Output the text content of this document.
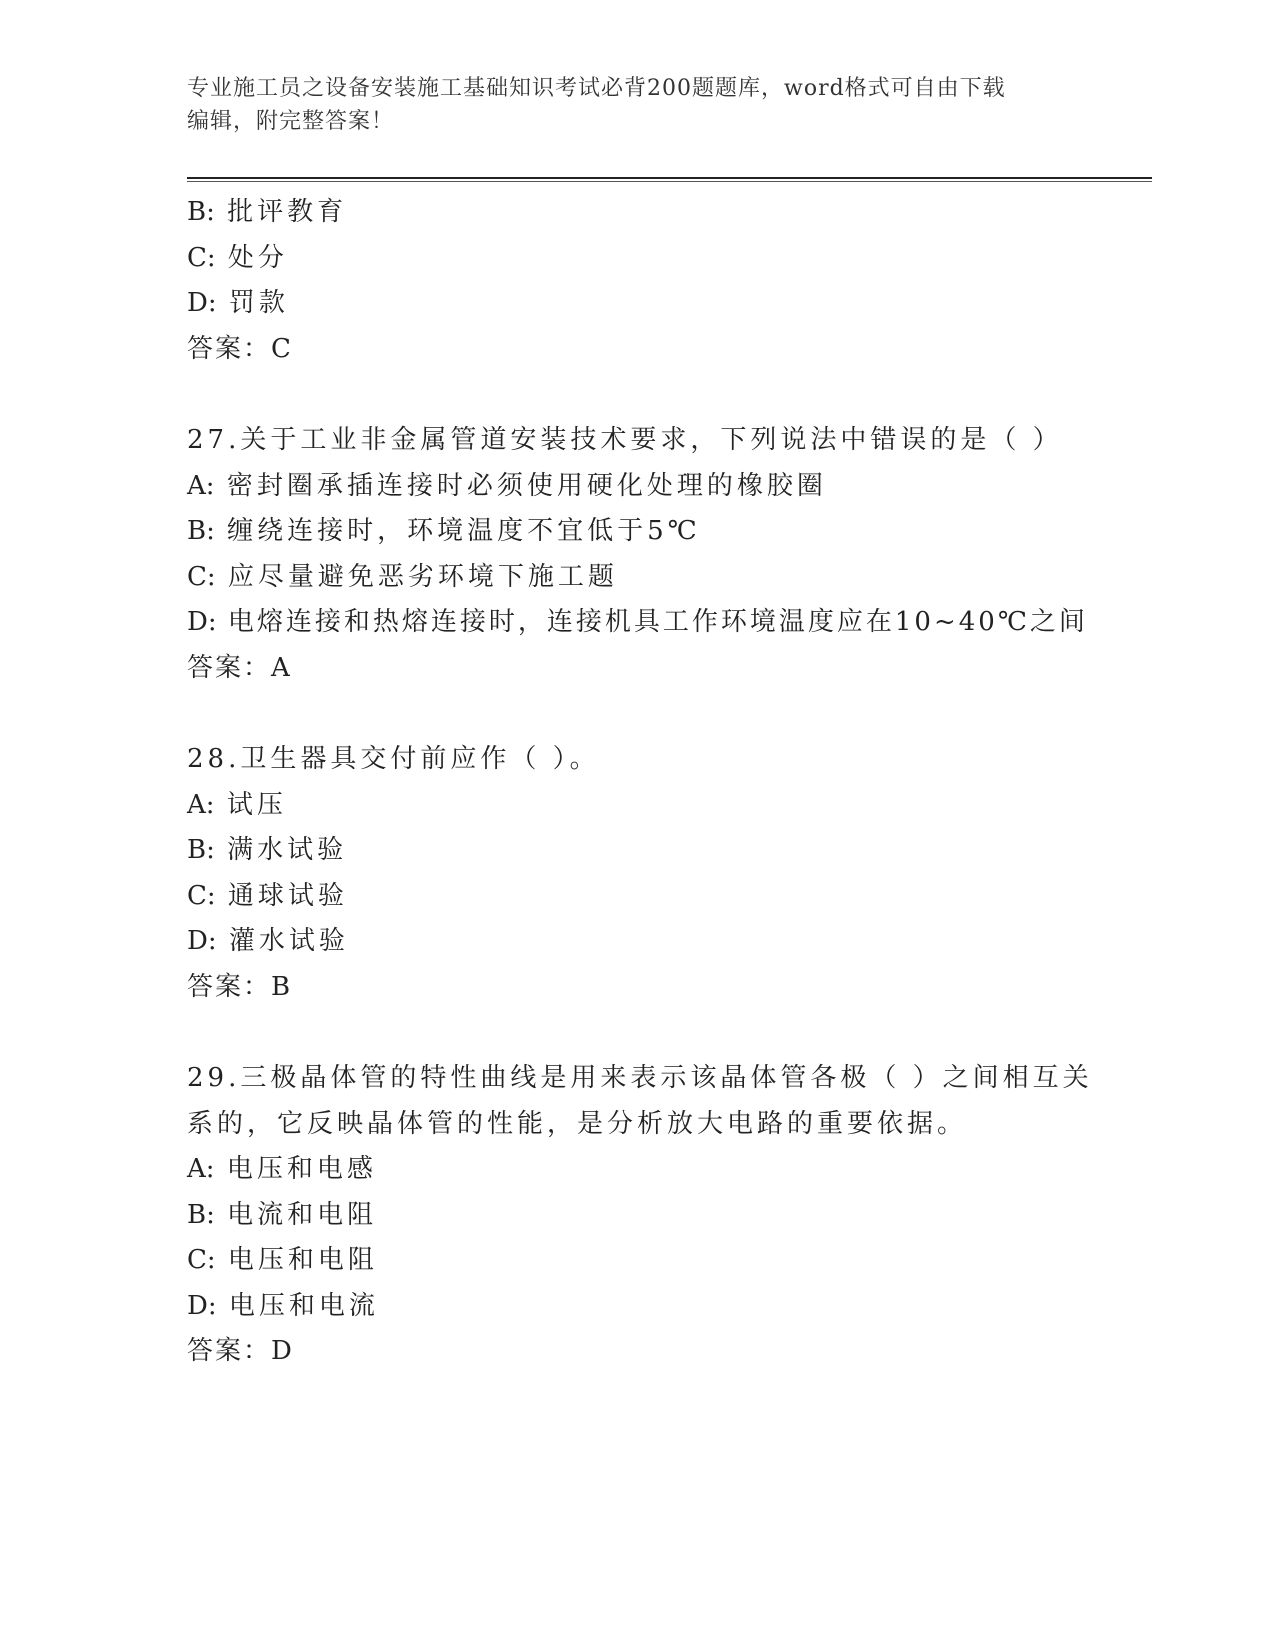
专业施工员之设备安装施工基础知识考试必背200题题库，word格式可自由下载
编辑，附完整答案！
B: 批评教育
C: 处分
D: 罚款
答案：C
27.关于工业非金属管道安装技术要求，下列说法中错误的是（ ）
A: 密封圈承插连接时必须使用硬化处理的橡胶圈
B: 缠绕连接时，环境温度不宜低于5℃
C: 应尽量避免恶劣环境下施工题
D: 电熔连接和热熔连接时，连接机具工作环境温度应在10~40℃之间
答案：A
28.卫生器具交付前应作（ ）。
A: 试压
B: 满水试验
C: 通球试验
D: 灌水试验
答案：B
29.三极晶体管的特性曲线是用来表示该晶体管各极（ ）之间相互关
系的，它反映晶体管的性能，是分析放大电路的重要依据。
A: 电压和电感
B: 电流和电阻
C: 电压和电阻
D: 电压和电流
答案：D
